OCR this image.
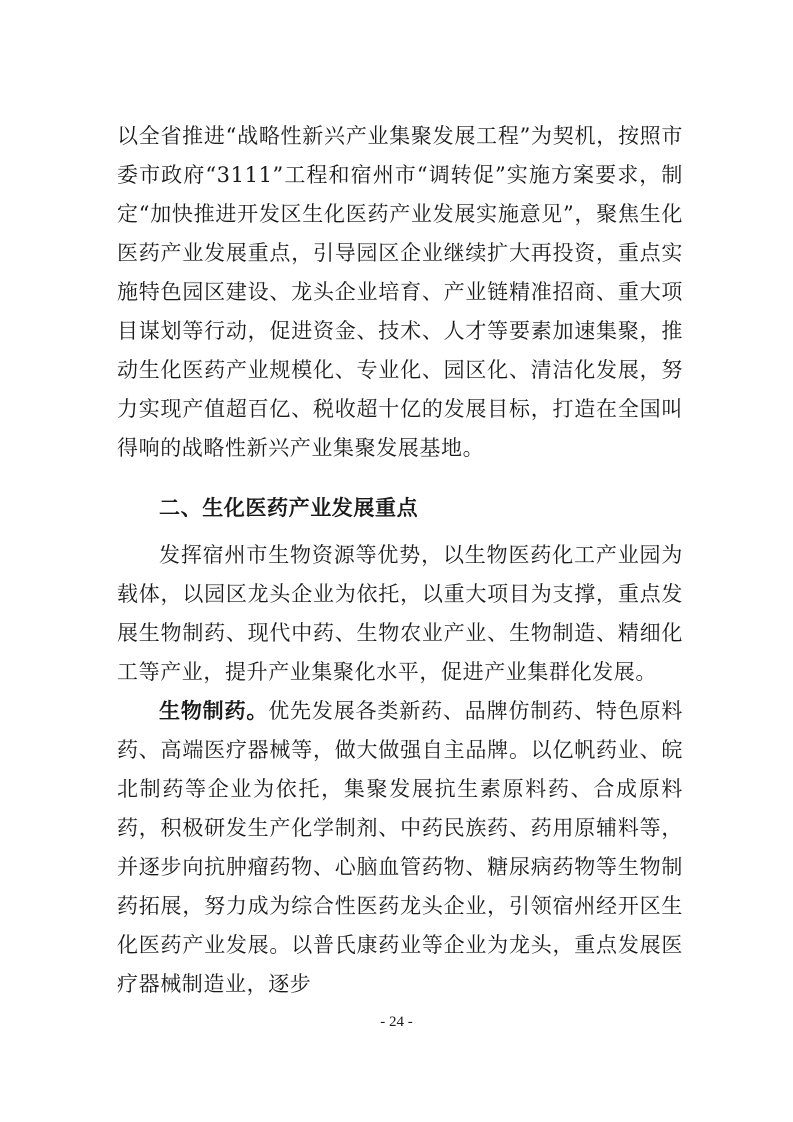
以全省推进“战略性新兴产业集聚发展工程”为契机，按照市委市政府“3111”工程和宿州市“调转促”实施方案要求，制定“加快推进开发区生化医药产业发展实施意见”，聚焦生化医药产业发展重点，引导园区企业继续扩大再投资，重点实施特色园区建设、龙头企业培育、产业链精准招商、重大项目谋划等行动，促进资金、技术、人才等要素加速集聚，推动生化医药产业规模化、专业化、园区化、清洁化发展，努力实现产值超百亿、税收超十亿的发展目标，打造在全国叫得响的战略性新兴产业集聚发展基地。

二、生化医药产业发展重点

发挥宿州市生物资源等优势，以生物医药化工产业园为载体，以园区龙头企业为依托，以重大项目为支撑，重点发展生物制药、现代中药、生物农业产业、生物制造、精细化工等产业，提升产业集聚化水平，促进产业集群化发展。

生物制药。优先发展各类新药、品牌仿制药、特色原料药、高端医疗器械等，做大做强自主品牌。以亿帆药业、皖北制药等企业为依托，集聚发展抗生素原料药、合成原料药，积极研发生产化学制剂、中药民族药、药用原辅料等，并逐步向抗肿瘤药物、心脑血管药物、糖尿病药物等生物制药拓展，努力成为综合性医药龙头企业，引领宿州经开区生化医药产业发展。以普氏康药业等企业为龙头，重点发展医疗器械制造业，逐步

- 24 -
